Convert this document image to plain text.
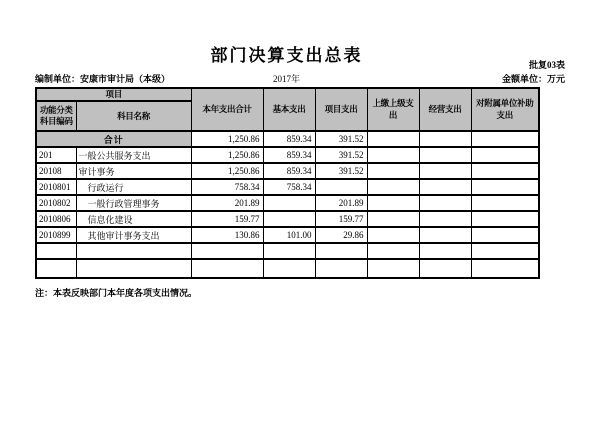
部门决算支出总表	批复03表
编制单位：安康市审计局（本级）	2017年	金额单位：万元
项目		本年支出合计	基本支出	项目支出	上缴上级支出	经营支出	对附属单位补助支出
功能分类科目编码	科目名称						
合计		1,250.86	859.34	391.52			
201	一般公共服务支出	1,250.86	859.34	391.52			
20108	审计事务	1,250.86	859.34	391.52			
2010801	行政运行	758.34	758.34				
2010802	一般行政管理事务	201.89		201.89			
2010806	信息化建设	159.77		159.77			
2010899	其他审计事务支出	130.86	101.00	29.86			

注：本表反映部门本年度各项支出情况。
